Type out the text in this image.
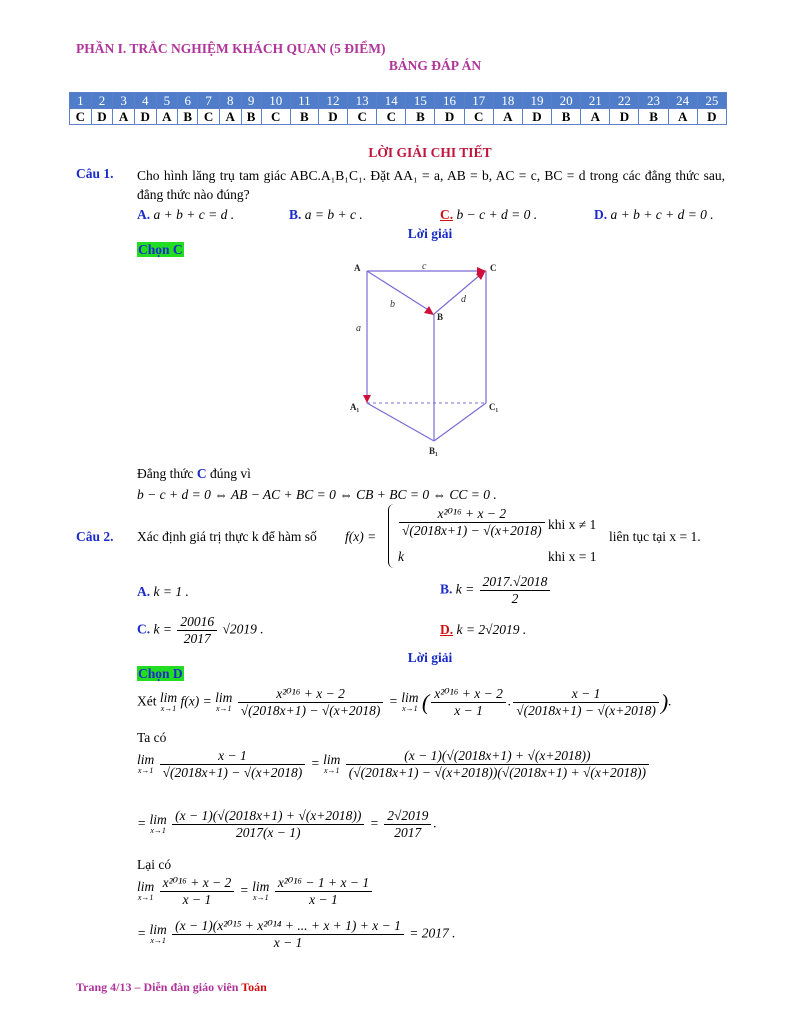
PHẦN I. TRẮC NGHIỆM KHÁCH QUAN (5 ĐIỂM)
BẢNG ĐÁP ÁN
1	2	3	4	5	6	7	8	9	10	11	12	13	14	15	16	17	18	19	20	21	22	23	24	25
C	D	A	D	A	B	C	A	B	C	B	D	C	C	B	D	C	A	D	B	A	D	B	A	D
LỜI GIẢI CHI TIẾT
Câu 1. Cho hình lăng trụ tam giác ABC.A₁B₁C₁. Đặt AA₁ = a, AB = b, AC = c, BC = d trong các đẳng thức sau, đẳng thức nào đúng?
A. a + b + c = d .	B. a = b + c .	C. b − c + d = 0 .	D. a + b + c + d = 0 .
Lời giải
Chọn C
A	C
B
A₁	C₁
B₁
c
b	d
a
Đẳng thức C đúng vì
b − c + d = 0 ⇔ AB − AC + BC = 0 ⇔ CB + BC = 0 ⇔ CC = 0 .
Câu 2. Xác định giá trị thực k để hàm số $f(x) = \frac{\text{x²⁰¹⁶ + x − 2}}{√(2018x+1) - √(x+2018)}$ khi x ≠ 1
k	khi x = 1
liên tục tại x = 1.
A. k = 1 .	B. $k = \frac{2017.√2018}{2}$
C. $k = \frac{20016}{2017} √2019$ .	D. k = 2√2019 .
Lời giải
Chọn D
Xét lim
x→1 f(x) = lim
x→1
$\frac{\text{x²⁰¹⁶ + x − 2}}{√(2018x+1) - √(x+2018)} = \lim$
x→1 ( $\frac{\text{x²⁰¹⁶ + x − 2}}{x - 1}$ . $\frac{x - 1}{√(2018x+1) - √(x+2018)}$ ).
Ta có
lim
x→1
$\frac{x - 1}{√(2018x+1) - √(x+2018)} = \lim$
x→1
$\frac{(x - 1)(√(2018x+1) + √(x+2018))}{(√(2018x+1) - √(x+2018))(√(2018x+1) + √(x+2018))}$
= lim
x→1
$\frac{(x - 1)(√(2018x+1) + √(x+2018))}{2017(x - 1)} = \frac{2√2019}{2017}$ .
Lại có
lim
x→1
$\frac{\text{x²⁰¹⁶ + x − 2}}{x - 1} = \lim$
x→1
$\frac{\text{x²⁰¹⁶ − 1 + x − 1}}{x - 1}$
= lim
x→1
$\frac{\text{(x − 1)(x²⁰¹⁵ + x²⁰¹⁴ + ... + x + 1) + x − 1}}{x - 1} = 2017$ .
Trang 4/13 – Diễn đàn giáo viên Toán
